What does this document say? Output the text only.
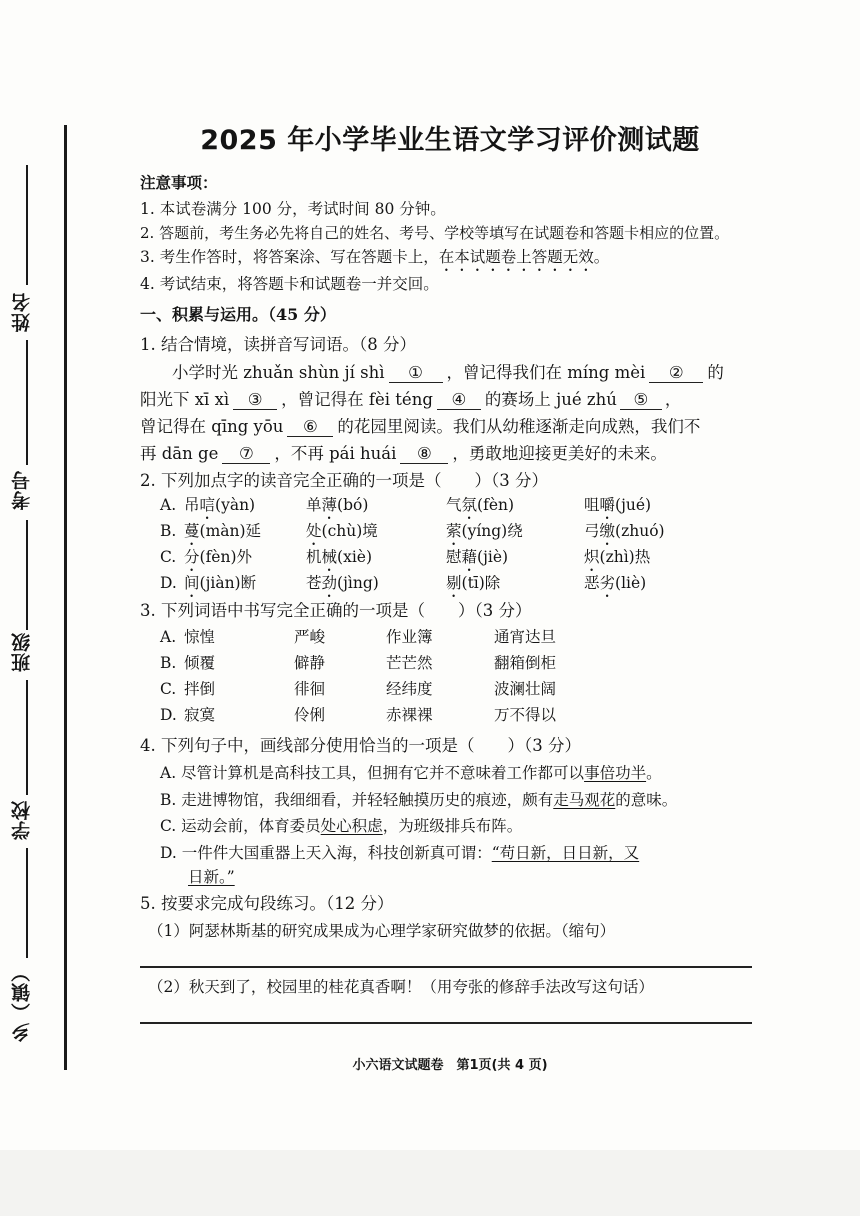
姓名
考号
班级
学校
乡（镇）
2025 年小学毕业生语文学习评价测试题
注意事项：
1. 本试卷满分 100 分，考试时间 80 分钟。
2. 答题前，考生务必先将自己的姓名、考号、学校等填写在试题卷和答题卡相应的位置。
3. 考生作答时，将答案涂、写在答题卡上，在本试题卷上答题无效。
4. 考试结束，将答题卡和试题卷一并交回。
一、积累与运用。（45 分）
1. 结合情境，读拼音写词语。（8 分）
小学时光 zhuǎn shùn jí shì ① ，曾记得我们在 míng mèi ② 的
阳光下 xī xì ③ ，曾记得在 fèi téng ④ 的赛场上 jué zhú ⑤ ，
曾记得在 qīng yōu ⑥ 的花园里阅读。我们从幼稚逐渐走向成熟，我们不
再 dān ge ⑦ ，不再 pái huái ⑧ ，勇敢地迎接更美好的未来。
2. 下列加点字的读音完全正确的一项是（　　）（3 分）
A. 吊唁(yàn)	单薄(bó)	气氛(fèn)	咀嚼(jué)
B. 蔓(màn)延	处(chù)境	萦(yíng)绕	弓缴(zhuó)
C. 分(fèn)外	机械(xiè)	慰藉(jiè)	炽(zhì)热
D. 间(jiàn)断	苍劲(jìng)	剔(tī)除	恶劣(liè)
3. 下列词语中书写完全正确的一项是（　　）（3 分）
A. 惊惶	严峻	作业簿	通宵达旦
B. 倾覆	僻静	芒芒然	翻箱倒柜
C. 拌倒	徘徊	经纬度	波澜壮阔
D. 寂寞	伶俐	赤裸裸	万不得以
4. 下列句子中，画线部分使用恰当的一项是（　　）（3 分）
A. 尽管计算机是高科技工具，但拥有它并不意味着工作都可以事倍功半。
B. 走进博物馆，我细细看，并轻轻触摸历史的痕迹，颇有走马观花的意味。
C. 运动会前，体育委员处心积虑，为班级排兵布阵。
D. 一件件大国重器上天入海，科技创新真可谓：“苟日新，日日新，又
日新。”
5. 按要求完成句段练习。（12 分）
（1）阿瑟林斯基的研究成果成为心理学家研究做梦的依据。（缩句）
（2）秋天到了，校园里的桂花真香啊！（用夸张的修辞手法改写这句话）
小六语文试题卷　第1页(共 4 页)
